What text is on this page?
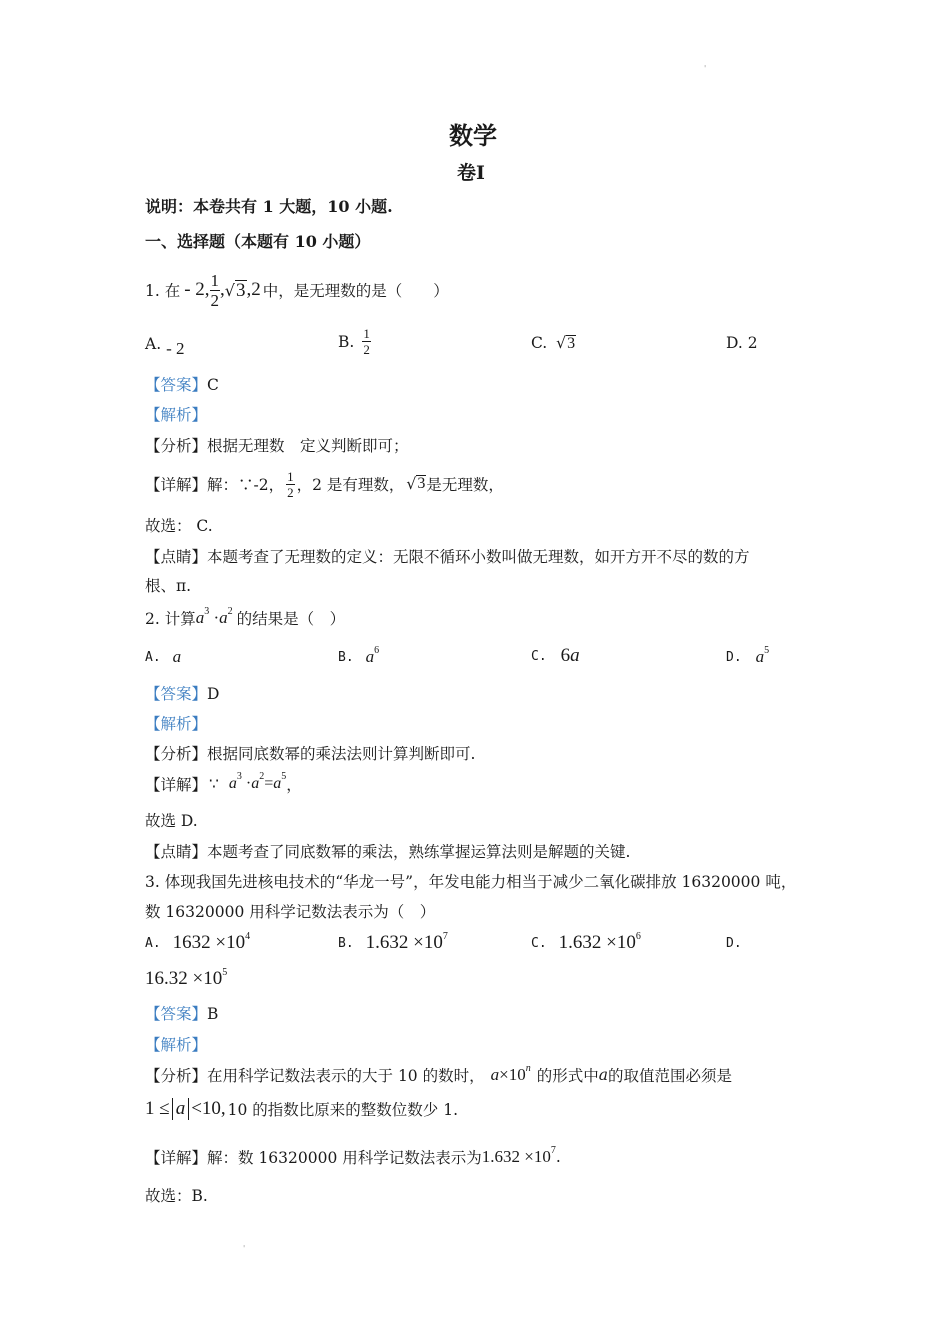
'
数学
卷Ⅰ
说明：本卷共有 1 大题，10 小题.
一、选择题（本题有 10 小题）
1. 在 - 2 , $\frac{1}{2}$ , √ 3 ,2 中，是无理数的是（　　）
A. - 2	B. $\frac{1}{2}$	C. √3	D. 2
【答案】C
【解析】
【分析】根据无理数　定义判断即可；
【详解】 解：∵-2， $\frac{1}{2}$ ，2 是有理数， √ 3 是无理数，
故选： C.
【点睛】本题考查了无理数的定义：无限不循环小数叫做无理数，如开方开不尽的数的方
根、π.
2. 计算 $a^3 \cdot a^2$ 的结果是（　）
A. a	B. $a^6$	C. 6 a	D. $a^5$
【答案】D
【解析】
【分析】根据同底数幂的乘法法则计算判断即可.
【详解】 ∵ $a^3 \cdot a^2=a^5$ ，
故选 D.
【点睛】本题考查了同底数幂的乘法，熟练掌握运算法则是解题的关键.
3. 体现我国先进核电技术的“华龙一号”，年发电能力相当于减少二氧化碳排放 16320000 吨，
数 16320000 用科学记数法表示为（　）
A. $1632 \times 10^4$	B. $1.632 \times 10^7$	C. $1.632 \times 10^6$	D.
$16.32 \times 10^5$
【答案】B
【解析】
【分析】 在用科学记数法表示的大于 10 的数时， $a \times 10^n$ 的形式中 a 的取值范围必须是
1 ≤ a <10, 10 的指数比原来的整数位数少 1.
【详解】 解：数 16320000 用科学记数法表示为 $1.632 \times 10^7$ .
故选：B.
'
